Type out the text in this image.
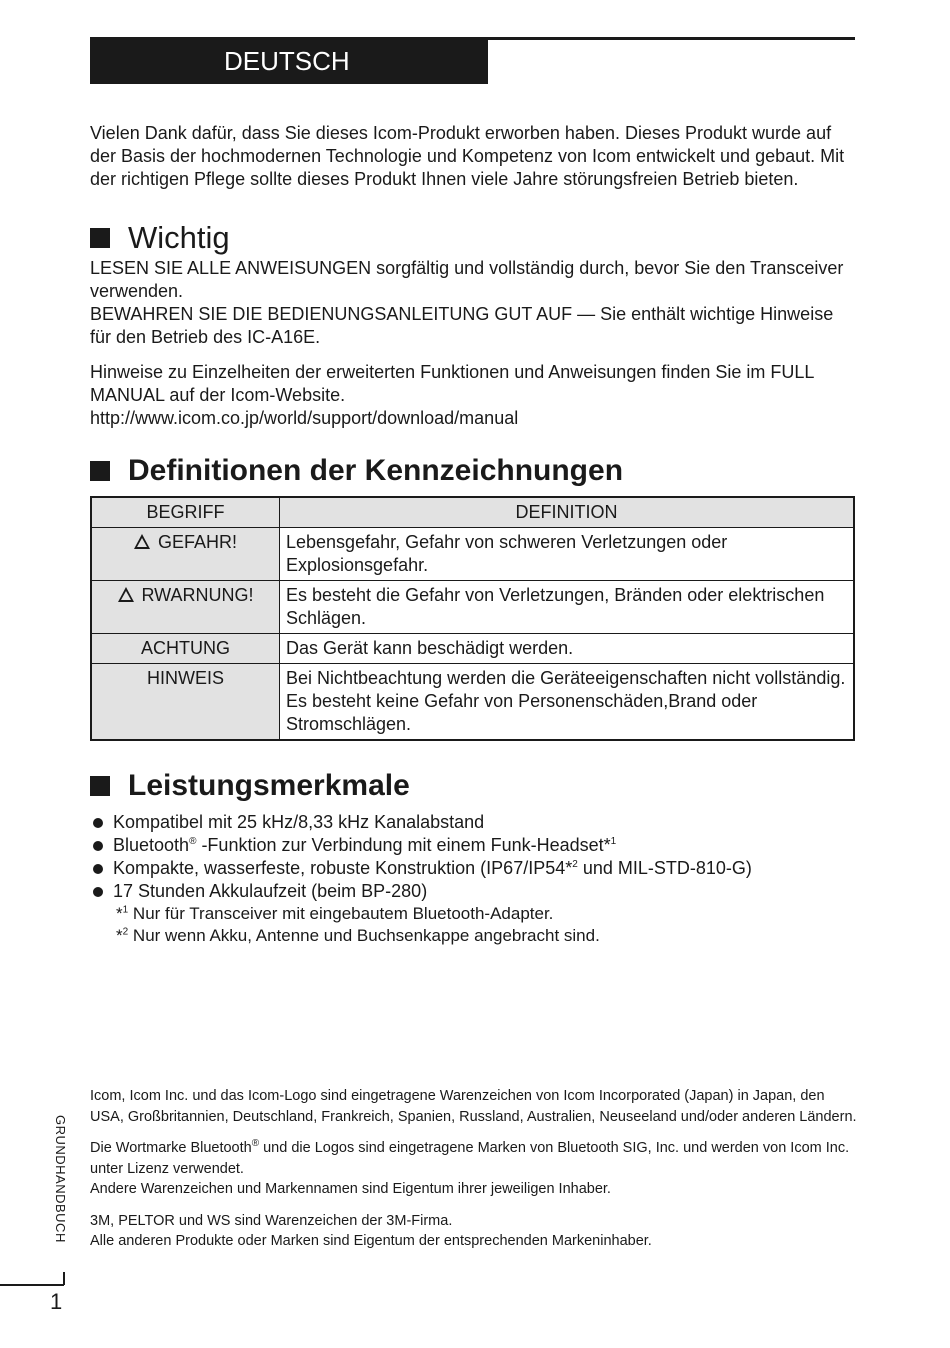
DEUTSCH

Vielen Dank dafür, dass Sie dieses Icom-Produkt erworben haben. Dieses Produkt wurde auf der Basis der hochmodernen Technologie und Kompetenz von Icom entwickelt und gebaut. Mit der richtigen Pflege sollte dieses Produkt Ihnen viele Jahre störungsfreien Betrieb bieten.

Wichtig

LESEN SIE ALLE ANWEISUNGEN sorgfältig und vollständig durch, bevor Sie den Transceiver verwenden.

BEWAHREN SIE DIE BEDIENUNGSANLEITUNG GUT AUF — Sie enthält wichtige Hinweise für den Betrieb des IC-A16E.

Hinweise zu Einzelheiten der erweiterten Funktionen und Anweisungen finden Sie im FULL MANUAL auf der Icom-Website.

http://www.icom.co.jp/world/support/download/manual

Definitionen der Kennzeichnungen
BEGRIFF	DEFINITION
GEFAHR!	Lebensgefahr, Gefahr von schweren Verletzungen oder Explosionsgefahr.
RWARNUNG!	Es besteht die Gefahr von Verletzungen, Bränden oder elektrischen Schlägen.
ACHTUNG	Das Gerät kann beschädigt werden.
HINWEIS	Bei Nichtbeachtung werden die Geräteeigenschaften nicht vollständig. Es besteht keine Gefahr von Personenschäden,Brand oder Stromschlägen.
Leistungsmerkmale
Kompatibel mit 25 kHz/8,33 kHz Kanalabstand
Bluetooth® -Funktion zur Verbindung mit einem Funk-Headset*$^1$
Kompakte, wasserfeste, robuste Konstruktion (IP67/IP54*$^2$ und MIL-STD-810-G)
17 Stunden Akkulaufzeit (beim BP-280)
*$^1$ Nur für Transceiver mit eingebautem Bluetooth-Adapter.
*$^2$ Nur wenn Akku, Antenne und Buchsenkappe angebracht sind.

Icom, Icom Inc. und das Icom-Logo sind eingetragene Warenzeichen von Icom Incorporated (Japan) in Japan, den USA, Großbritannien, Deutschland, Frankreich, Spanien, Russland, Australien, Neuseeland und/oder anderen Ländern.

Die Wortmarke Bluetooth® und die Logos sind eingetragene Marken von Bluetooth SIG, Inc. und werden von Icom Inc. unter Lizenz verwendet.
Andere Warenzeichen und Markennamen sind Eigentum ihrer jeweiligen Inhaber.

3M, PELTOR und WS sind Warenzeichen der 3M-Firma.
Alle anderen Produkte oder Marken sind Eigentum der entsprechenden Markeninhaber.

GRUNDHANDBUCH
1
